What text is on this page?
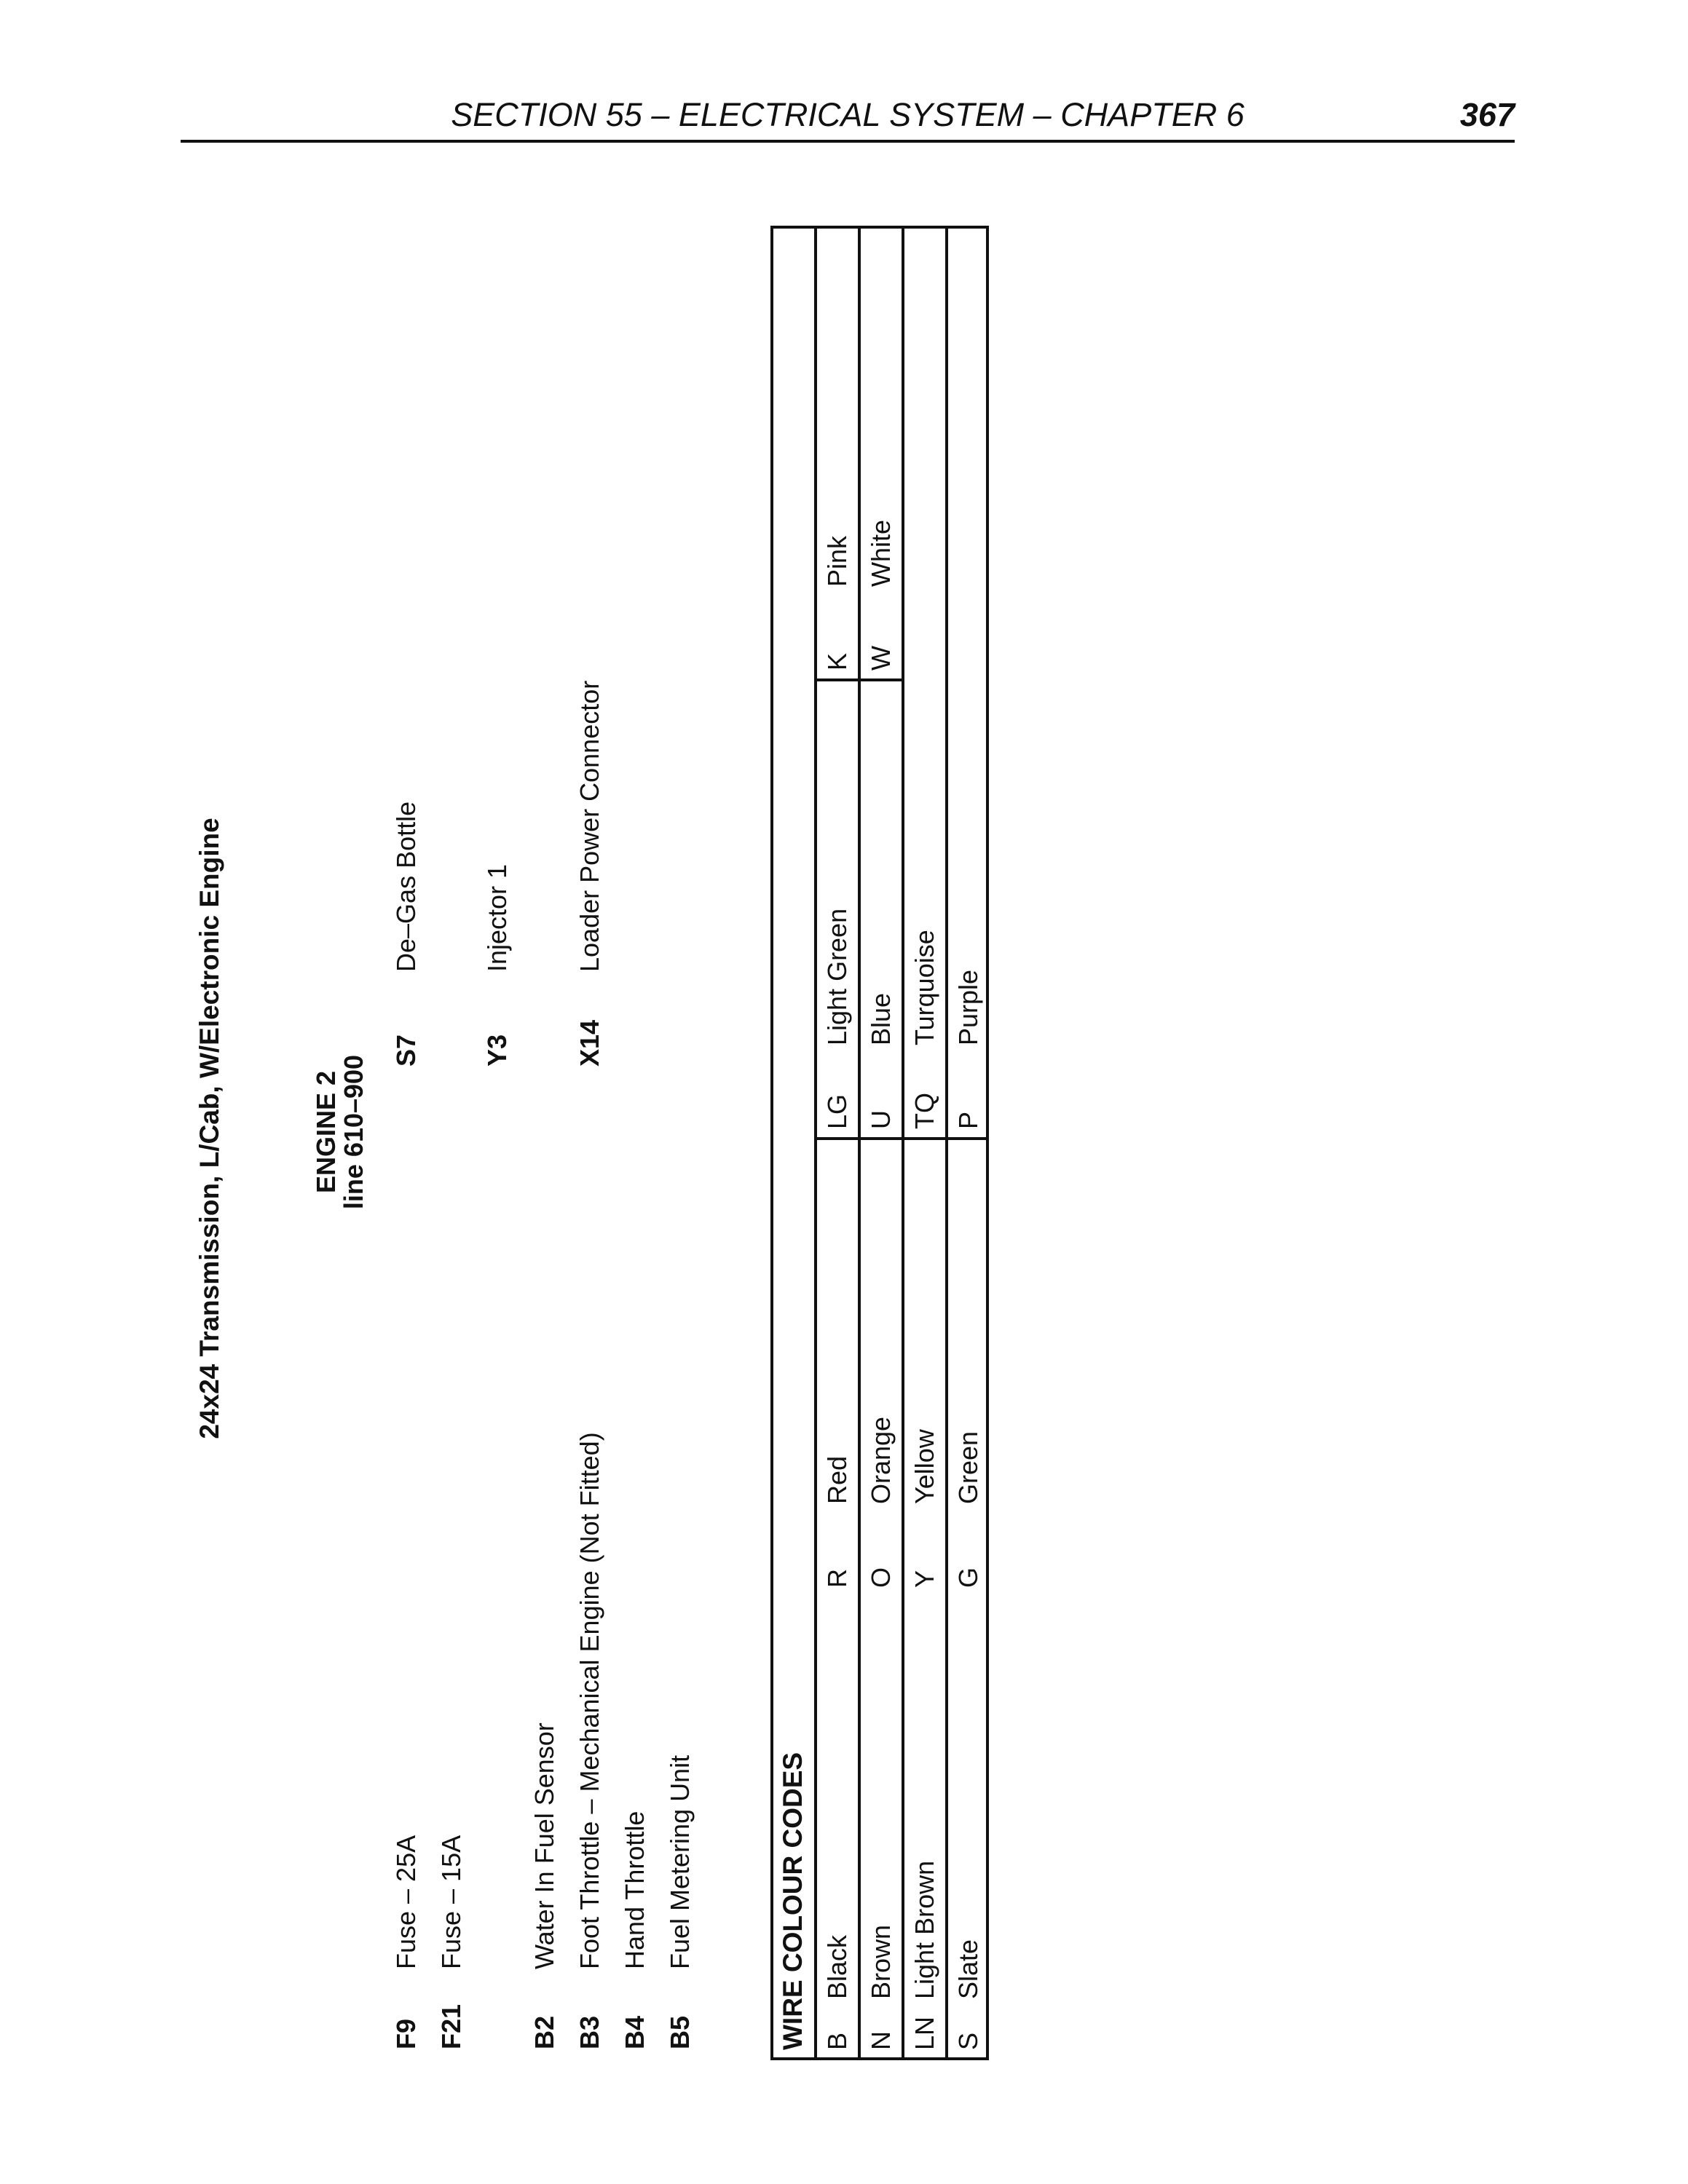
SECTION 55 – ELECTRICAL SYSTEM – CHAPTER 6	367
24x24 Transmission, L/Cab, W/Electronic Engine	ENGINE 2
line 610–900
F9
Fuse – 25A
F21
Fuse – 15A
B2
Water In Fuel Sensor
B3
Foot Throttle – Mechanical Engine (Not Fitted)
B4
Hand Throttle
B5
Fuel Metering Unit
S7
De–Gas Bottle
Y3
Injector 1
X14
Loader Power Connector
WIRE COLOUR CODES B
Black
R
Red
LG
Light Green
K
Pink
N
Brown
O
Orange
U
Blue
W
White
LN
Light Brown
Y
Yellow
TQ
Turquoise
S
Slate
G
Green
P
Purple
